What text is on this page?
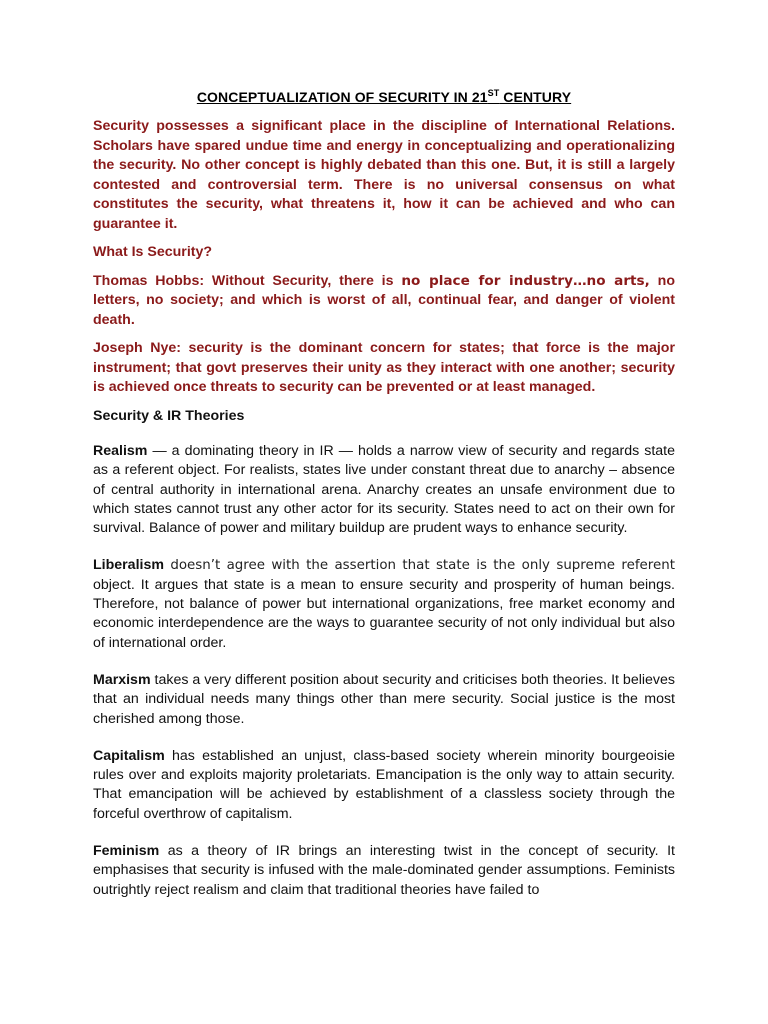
CONCEPTUALIZATION OF SECURITY IN 21ST CENTURY

Security possesses a significant place in the discipline of International Relations. Scholars have spared undue time and energy in conceptualizing and operationalizing the security. No other concept is highly debated than this one. But, it is still a largely contested and controversial term. There is no universal consensus on what constitutes the security, what threatens it, how it can be achieved and who can guarantee it.

What Is Security?

Thomas Hobbs: Without Security, there is no place for industry…no arts, no letters, no society; and which is worst of all, continual fear, and danger of violent death.

Joseph Nye: security is the dominant concern for states; that force is the major instrument; that govt preserves their unity as they interact with one another; security is achieved once threats to security can be prevented or at least managed.

Security & IR Theories

Realism — a dominating theory in IR — holds a narrow view of security and regards state as a referent object. For realists, states live under constant threat due to anarchy – absence of central authority in international arena. Anarchy creates an unsafe environment due to which states cannot trust any other actor for its security. States need to act on their own for survival. Balance of power and military buildup are prudent ways to enhance security.

Liberalism doesn’t agree with the assertion that state is the only supreme referent object. It argues that state is a mean to ensure security and prosperity of human beings. Therefore, not balance of power but international organizations, free market economy and economic interdependence are the ways to guarantee security of not only individual but also of international order.

Marxism takes a very different position about security and criticises both theories. It believes that an individual needs many things other than mere security. Social justice is the most cherished among those.

Capitalism has established an unjust, class-based society wherein minority bourgeoisie rules over and exploits majority proletariats. Emancipation is the only way to attain security. That emancipation will be achieved by establishment of a classless society through the forceful overthrow of capitalism.

Feminism as a theory of IR brings an interesting twist in the concept of security. It emphasises that security is infused with the male-dominated gender assumptions. Feminists outrightly reject realism and claim that traditional theories have failed to
